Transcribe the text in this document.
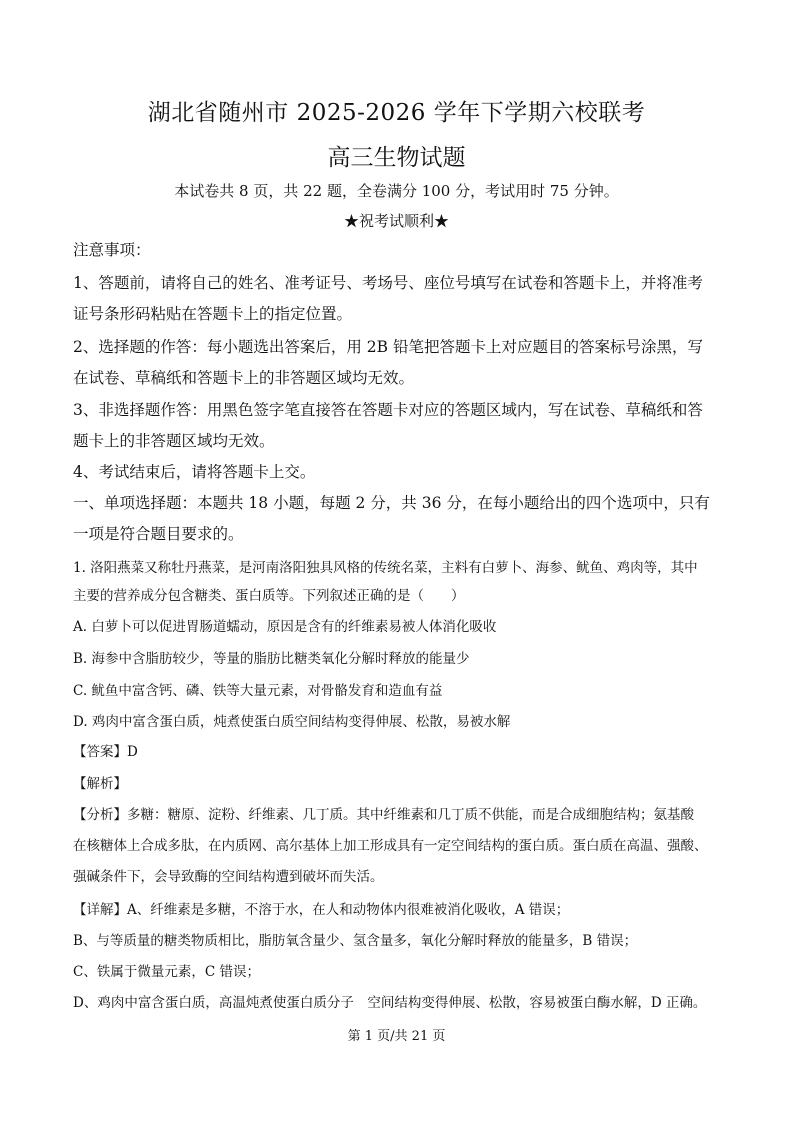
湖北省随州市 2025-2026 学年下学期六校联考
高三生物试题
本试卷共 8 页，共 22 题，全卷满分 100 分，考试用时 75 分钟。
★祝考试顺利★
注意事项：
1、答题前，请将自己的姓名、准考证号、考场号、座位号填写在试卷和答题卡上，并将准考
证号条形码粘贴在答题卡上的指定位置。
2、选择题的作答：每小题选出答案后，用 2B 铅笔把答题卡上对应题目的答案标号涂黑，写
在试卷、草稿纸和答题卡上的非答题区域均无效。
3、非选择题作答：用黑色签字笔直接答在答题卡对应的答题区域内，写在试卷、草稿纸和答
题卡上的非答题区域均无效。
4、考试结束后，请将答题卡上交。
一、单项选择题：本题共 18 小题，每题 2 分，共 36 分，在每小题给出的四个选项中，只有
一项是符合题目要求的。
1. 洛阳燕菜又称牡丹燕菜，是河南洛阳独具风格的传统名菜，主料有白萝卜、海参、鱿鱼、鸡肉等，其中
主要的营养成分包含糖类、蛋白质等。下列叙述正确的是（　　）
A. 白萝卜可以促进胃肠道蠕动，原因是含有的纤维素易被人体消化吸收
B. 海参中含脂肪较少，等量的脂肪比糖类氧化分解时释放的能量少
C. 鱿鱼中富含钙、磷、铁等大量元素，对骨骼发育和造血有益
D. 鸡肉中富含蛋白质，炖煮使蛋白质空间结构变得伸展、松散，易被水解
【答案】D
【解析】
【分析】多糖：糖原、淀粉、纤维素、几丁质。其中纤维素和几丁质不供能，而是合成细胞结构；氨基酸
在核糖体上合成多肽，在内质网、高尔基体上加工形成具有一定空间结构的蛋白质。蛋白质在高温、强酸、
强碱条件下，会导致酶的空间结构遭到破坏而失活。
【详解】A、纤维素是多糖，不溶于水，在人和动物体内很难被消化吸收，A 错误；
B、与等质量的糖类物质相比，脂肪氧含量少、氢含量多，氧化分解时释放的能量多，B 错误；
C、铁属于微量元素，C 错误；
D、鸡肉中富含蛋白质，高温炖煮使蛋白质分子　空间结构变得伸展、松散，容易被蛋白酶水解，D 正确。
第 1 页/共 21 页
